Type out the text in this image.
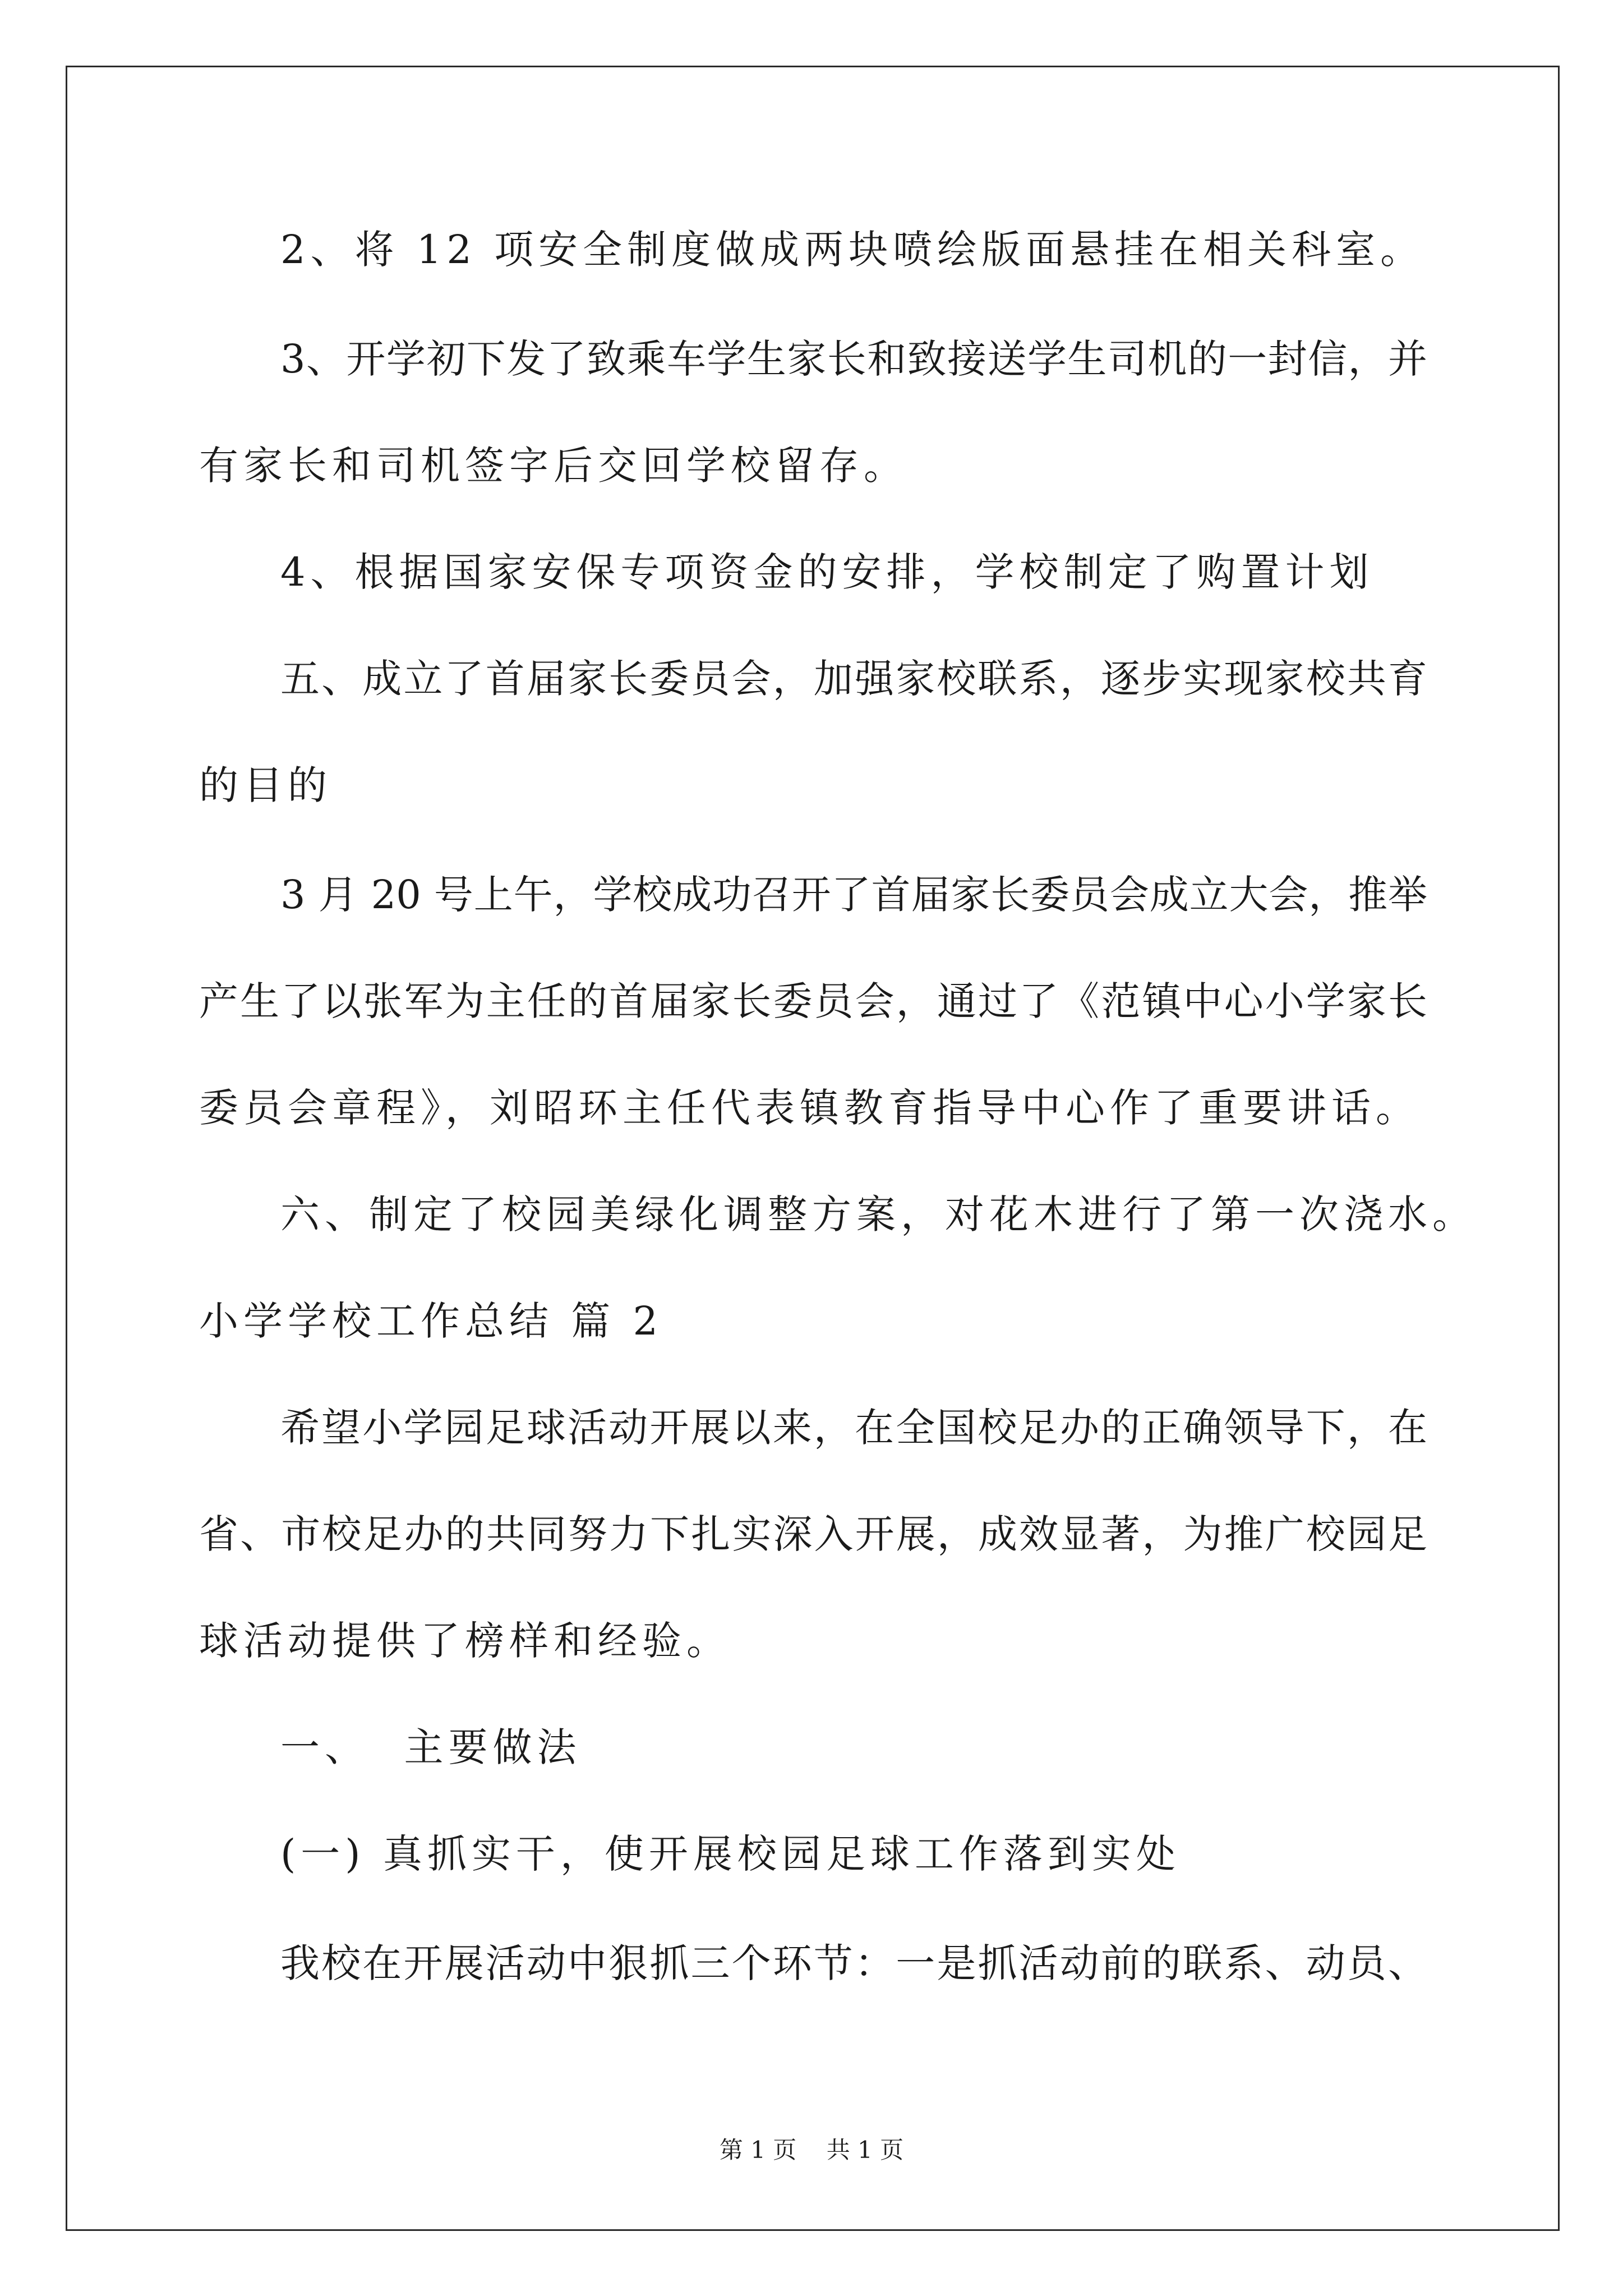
2、将 12 项安全制度做成两块喷绘版面悬挂在相关科室。
3、开学初下发了致乘车学生家长和致接送学生司机的一封信，并
有家长和司机签字后交回学校留存。
4、根据国家安保专项资金的安排，学校制定了购置计划
五、成立了首届家长委员会，加强家校联系，逐步实现家校共育
的目的
3 月 20 号上午，学校成功召开了首届家长委员会成立大会，推举
产生了以张军为主任的首届家长委员会，通过了《范镇中心小学家长
委员会章程》，刘昭环主任代表镇教育指导中心作了重要讲话。
六、制定了校园美绿化调整方案，对花木进行了第一次浇水。
小学学校工作总结 篇 2
希望小学园足球活动开展以来，在全国校足办的正确领导下，在
省、市校足办的共同努力下扎实深入开展，成效显著，为推广校园足
球活动提供了榜样和经验。
一、  主要做法
(一) 真抓实干，使开展校园足球工作落到实处
我校在开展活动中狠抓三个环节：一是抓活动前的联系、动员、
第 1 页    共 1 页
